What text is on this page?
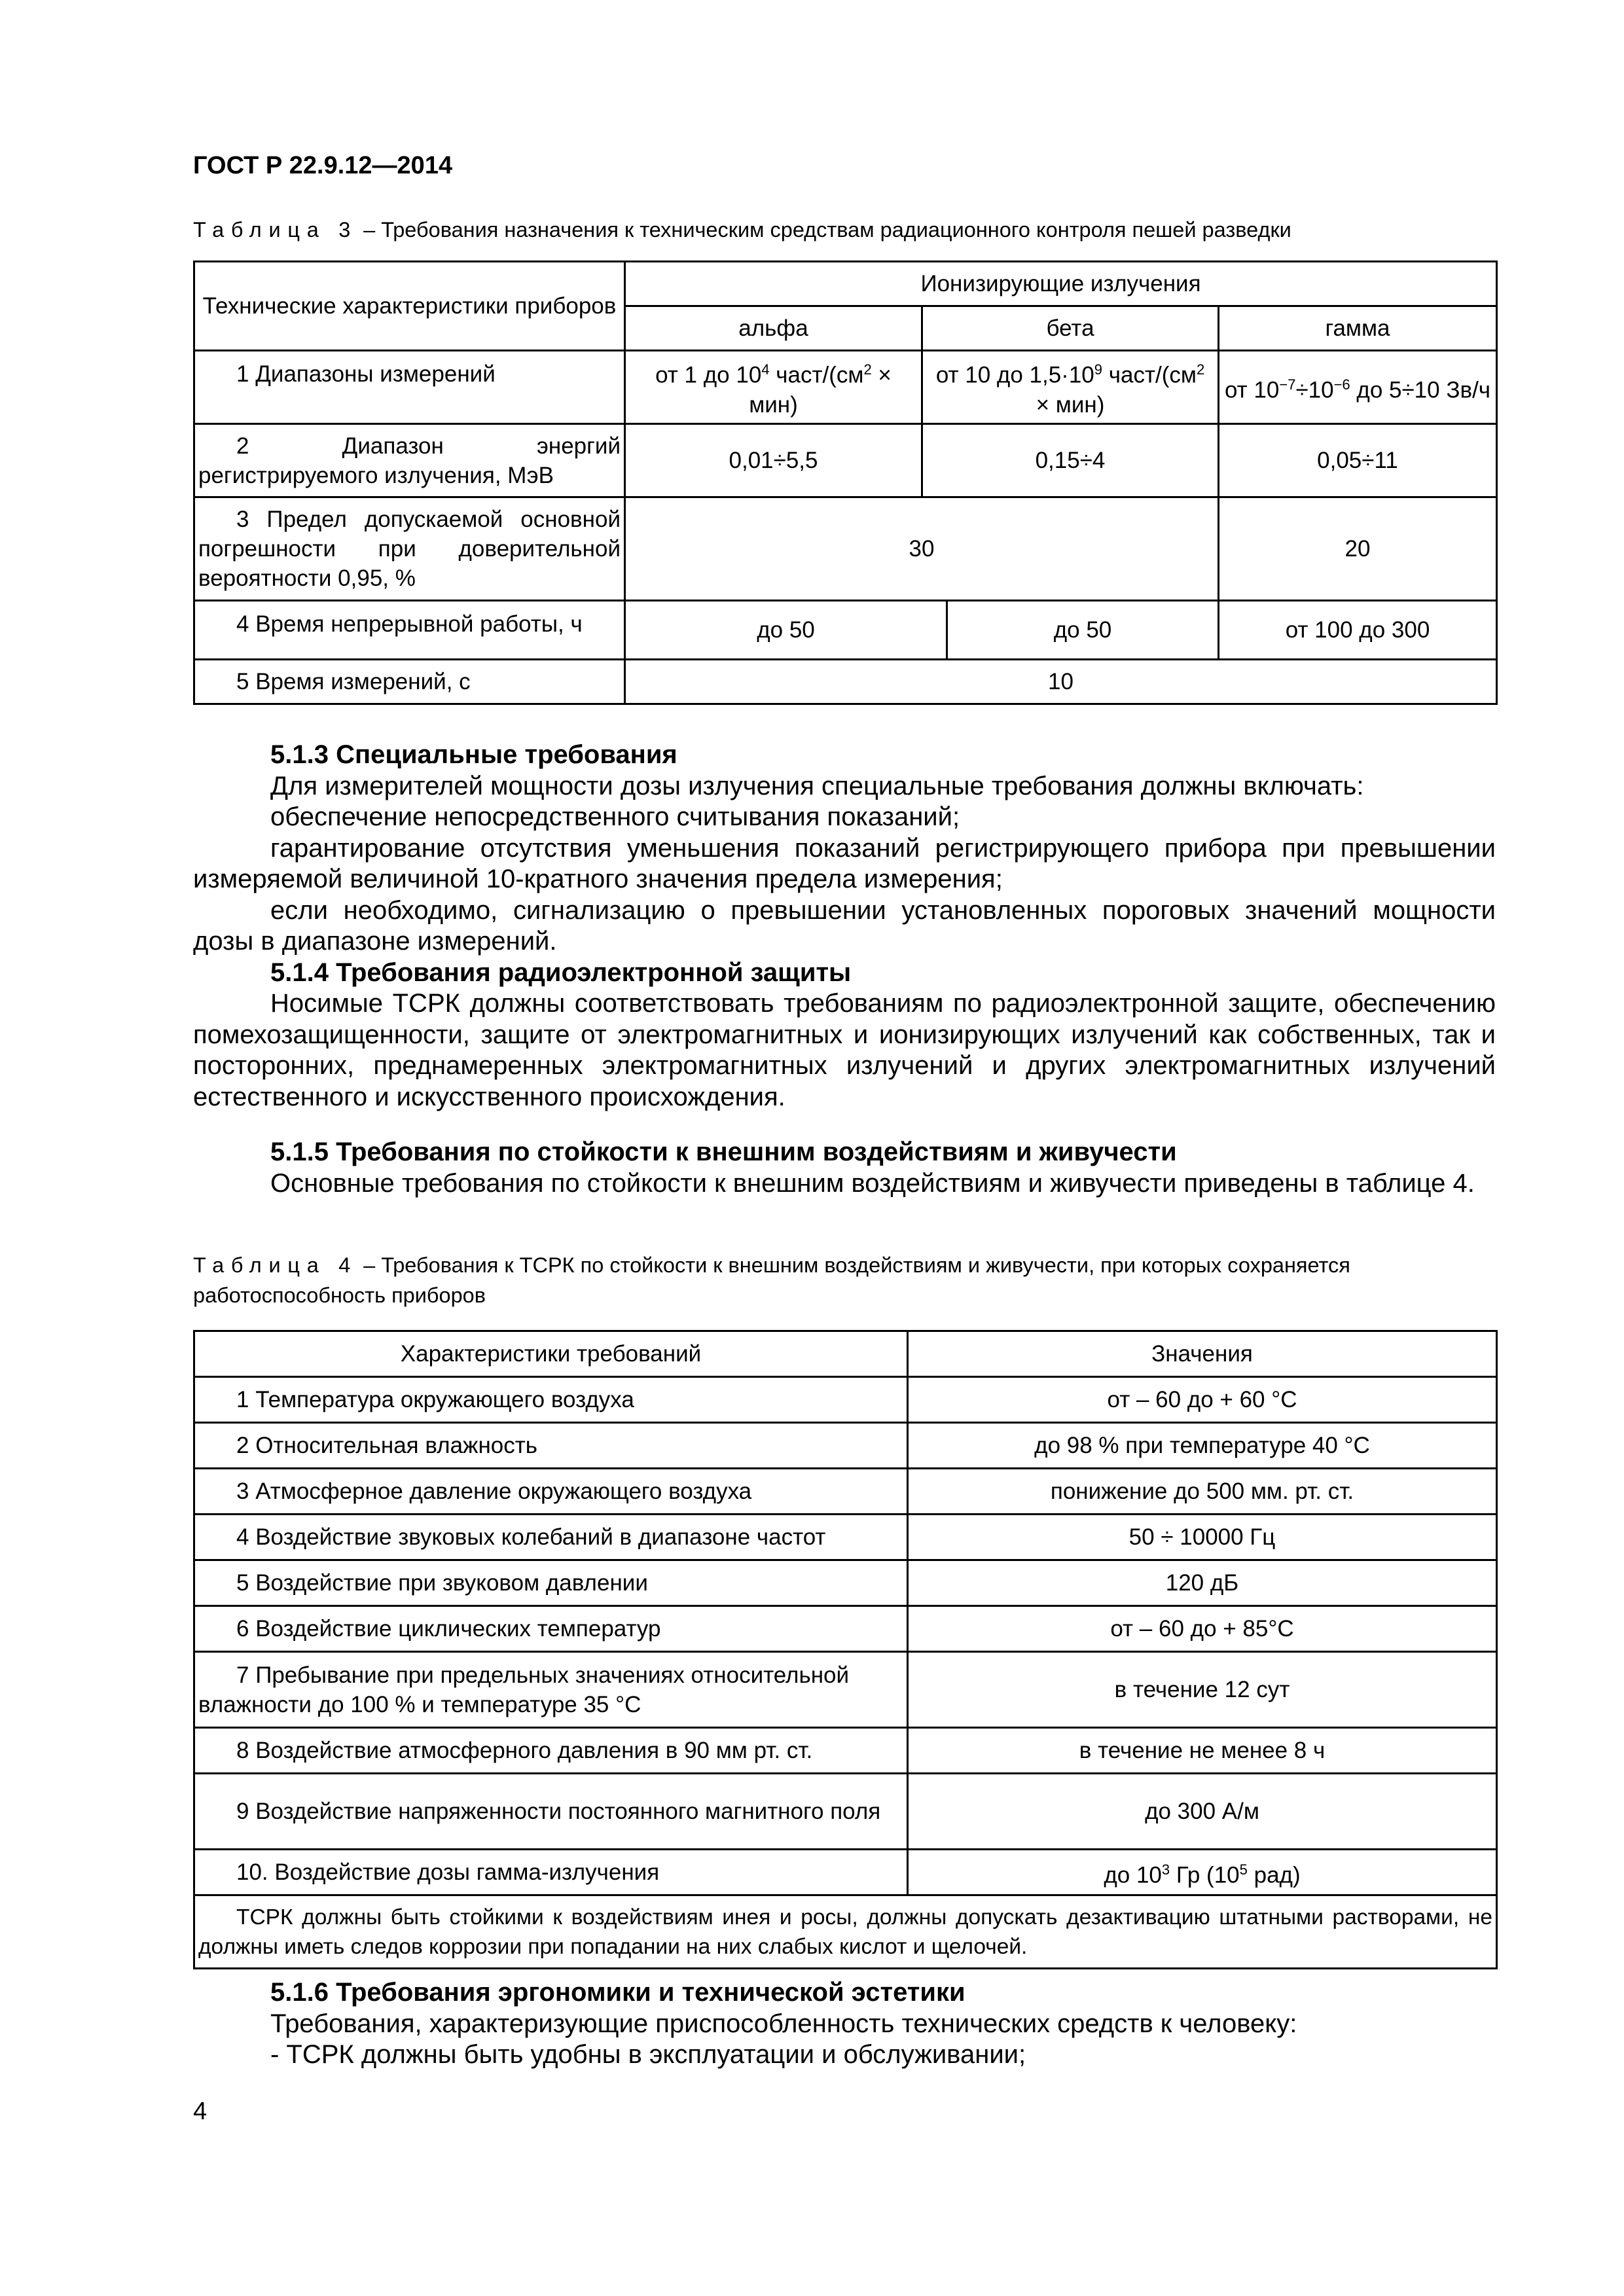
ГОСТ Р 22.9.12—2014
Таблица 3 – Требования назначения к техническим средствам радиационного контроля пешей разведки
Технические характеристики приборов	Ионизирующие излучения			
	альфа	бета		гамма
1 Диапазоны измерений	от 1 до $10^4$ част/$(см^2 \times мин)$	от 10 до $1,5\cdot 10^9$ част/$(см^2 \times мин)$		от $10^{-7}\div 10^{-6}$ до 5÷10 Зв/ч
2 Диапазон энергий регистрируемого излучения, МэВ	0,01÷5,5	0,15÷4		0,05÷11
3 Предел допускаемой основной погрешности при доверительной вероятности 0,95, %	30			20
4 Время непрерывной работы, ч	до 50		до 50	от 100 до 300
5 Время измерений, с	10			

5.1.3 Специальные требования

Для измерителей мощности дозы излучения специальные требования должны включать:

обеспечение непосредственного считывания показаний;

гарантирование отсутствия уменьшения показаний регистрирующего прибора при превышении измеряемой величиной 10-кратного значения предела измерения;

если необходимо, сигнализацию о превышении установленных пороговых значений мощности дозы в диапазоне измерений.

5.1.4 Требования радиоэлектронной защиты

Носимые ТСРК должны соответствовать требованиям по радиоэлектронной защите, обеспечению помехозащищенности, защите от электромагнитных и ионизирующих излучений как собственных, так и посторонних, преднамеренных электромагнитных излучений и других электромагнитных излучений естественного и искусственного происхождения.

5.1.5 Требования по стойкости к внешним воздействиям и живучести

Основные требования по стойкости к внешним воздействиям и живучести приведены в таблице 4.

Таблица 4 – Требования к ТСРК по стойкости к внешним воздействиям и живучести, при которых сохраняется работоспособность приборов
Характеристики требований	Значения
1 Температура окружающего воздуха	от – 60 до + 60 °С
2 Относительная влажность	до 98 % при температуре 40 °С
3 Атмосферное давление окружающего воздуха	понижение до 500 мм. рт. ст.
4 Воздействие звуковых колебаний в диапазоне частот	50 ÷ 10000 Гц
5 Воздействие при звуковом давлении	120 дБ
6 Воздействие циклических температур	от – 60 до + 85°С
7 Пребывание при предельных значениях относительной влажности до 100 % и температуре 35 °С	в течение 12 сут
8 Воздействие атмосферного давления в 90 мм рт. ст.	в течение не менее 8 ч
9 Воздействие напряженности постоянного магнитного поля	до 300 А/м
10. Воздействие дозы гамма-излучения	до $10^3$ Гр ($10^5$ рад)
ТСРК должны быть стойкими к воздействиям инея и росы, должны допускать дезактивацию штатными растворами, не должны иметь следов коррозии при попадании на них слабых кислот и щелочей.	

5.1.6 Требования эргономики и технической эстетики

Требования, характеризующие приспособленность технических средств к человеку:

- ТСРК должны быть удобны в эксплуатации и обслуживании;

4
